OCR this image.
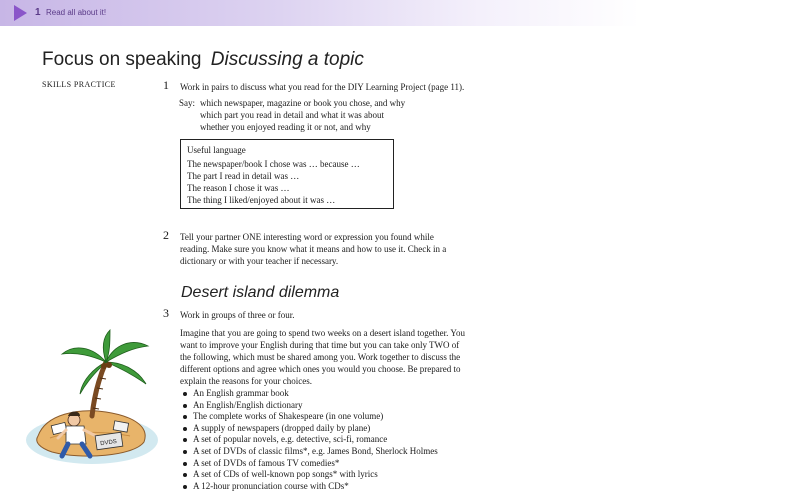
1 Read all about it!
Focus on speaking Discussing a topic
SKILLS PRACTICE	1 Work in pairs to discuss what you read for the DIY Learning Project (page 11).

Say: which newspaper, magazine or book you chose, and why
which part you read in detail and what it was about
whether you enjoyed reading it or not, and why
Useful language
The newspaper/book I chose was … because …
The part I read in detail was …
The reason I chose it was …
The thing I liked/enjoyed about it was …
2 Tell your partner ONE interesting word or expression you found while
reading. Make sure you know what it means and how to use it. Check in a
dictionary or with your teacher if necessary.
Desert island dilemma
3 Work in groups of three or four.

Imagine that you are going to spend two weeks on a desert island together. You
want to improve your English during that time but you can take only TWO of
the following, which must be shared among you. Work together to discuss the
different options and agree which ones you would you choose. Be prepared to
explain the reasons for your choices.
An English grammar book
An English/English dictionary
The complete works of Shakespeare (in one volume)
A supply of newspapers (dropped daily by plane)
A set of popular novels, e.g. detective, sci-fi, romance
A set of DVDs of classic films*, e.g. James Bond, Sherlock Holmes
A set of DVDs of famous TV comedies*
A set of CDs of well-known pop songs* with lyrics
A 12-hour pronunciation course with CDs*
DVDS
